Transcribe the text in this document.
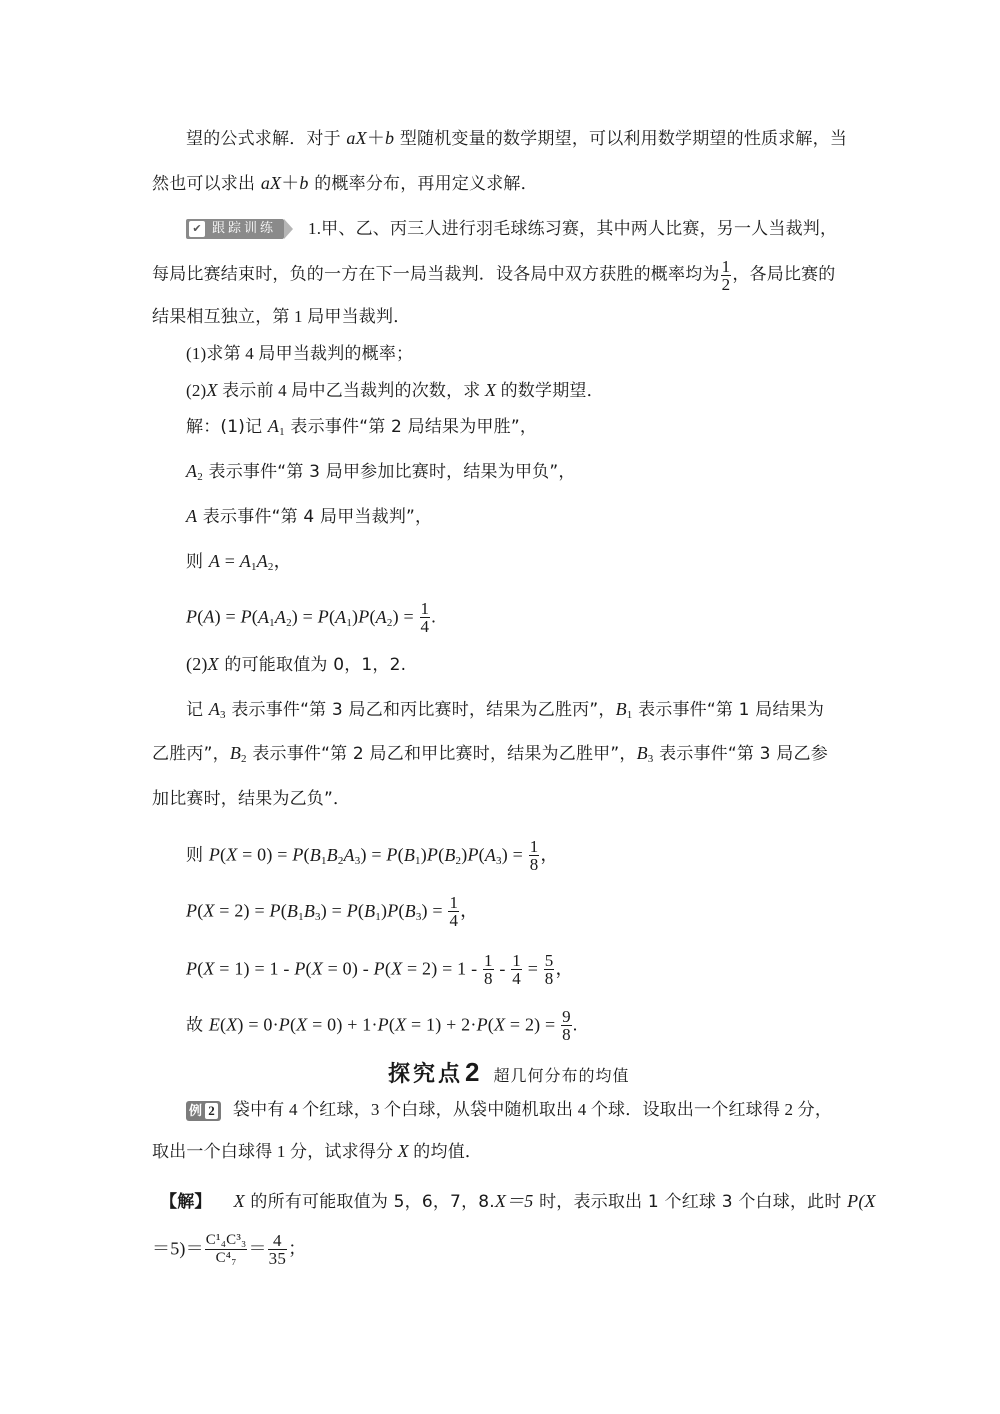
望的公式求解．对于 aX＋b 型随机变量的数学期望，可以利用数学期望的性质求解，当
然也可以求出 aX＋b 的概率分布，再用定义求解．
✔ 跟踪训练 1.甲、乙、丙三人进行羽毛球练习赛，其中两人比赛，另一人当裁判，
每局比赛结束时，负的一方在下一局当裁判．设各局中双方获胜的概率均为 $\frac{1}{2}$ ，各局比赛的
结果相互独立，第 1 局甲当裁判．
(1)求第 4 局甲当裁判的概率；
(2)X 表示前 4 局中乙当裁判的次数，求 X 的数学期望．
解：(1)记 $A_1$ 表示事件“第 2 局结果为甲胜”，
$A_2$ 表示事件“第 3 局甲参加比赛时，结果为甲负”，
A 表示事件“第 4 局甲当裁判”，
则 $A = A_1A_2$，
$P(A) = P(A_1A_2) = P(A_1)P(A_2) = \frac{1}{4}$ .
(2)X 的可能取值为 0，1，2.
记 $A_3$ 表示事件“第 3 局乙和丙比赛时，结果为乙胜丙”，$B_1$ 表示事件“第 1 局结果为
乙胜丙”，$B_2$ 表示事件“第 2 局乙和甲比赛时，结果为乙胜甲”，$B_3$ 表示事件“第 3 局乙参
加比赛时，结果为乙负”．
则 $P(X = 0) = P(B_1B_2A_3) = P(B_1)P(B_2)P(A_3) = \frac{1}{8}$ ，
$P(X = 2) = P(B_1B_3) = P(B_1)P(B_3) = \frac{1}{4}$ ，
$P(X = 1) = 1 - P(X = 0) - P(X = 2) = 1 - \frac{1}{8} - \frac{1}{4} = \frac{5}{8}$ ，
故 $E(X) = 0\cdot P(X = 0) + 1\cdot P(X = 1) + 2\cdot P(X = 2) = \frac{9}{8}$ .
探究点2 超几何分布的均值
例 2 袋中有 4 个红球，3 个白球，从袋中随机取出 4 个球．设取出一个红球得 2 分，
取出一个白球得 1 分，试求得分 X 的均值．
【解】 X 的所有可能取值为 5，6，7，8.X＝5 时，表示取出 1 个红球 3 个白球，此时 P(X
$=5)= \frac{\text{C¹₄C³₃}}{\text{C⁴₇}} = \frac{4}{35}$ ；
